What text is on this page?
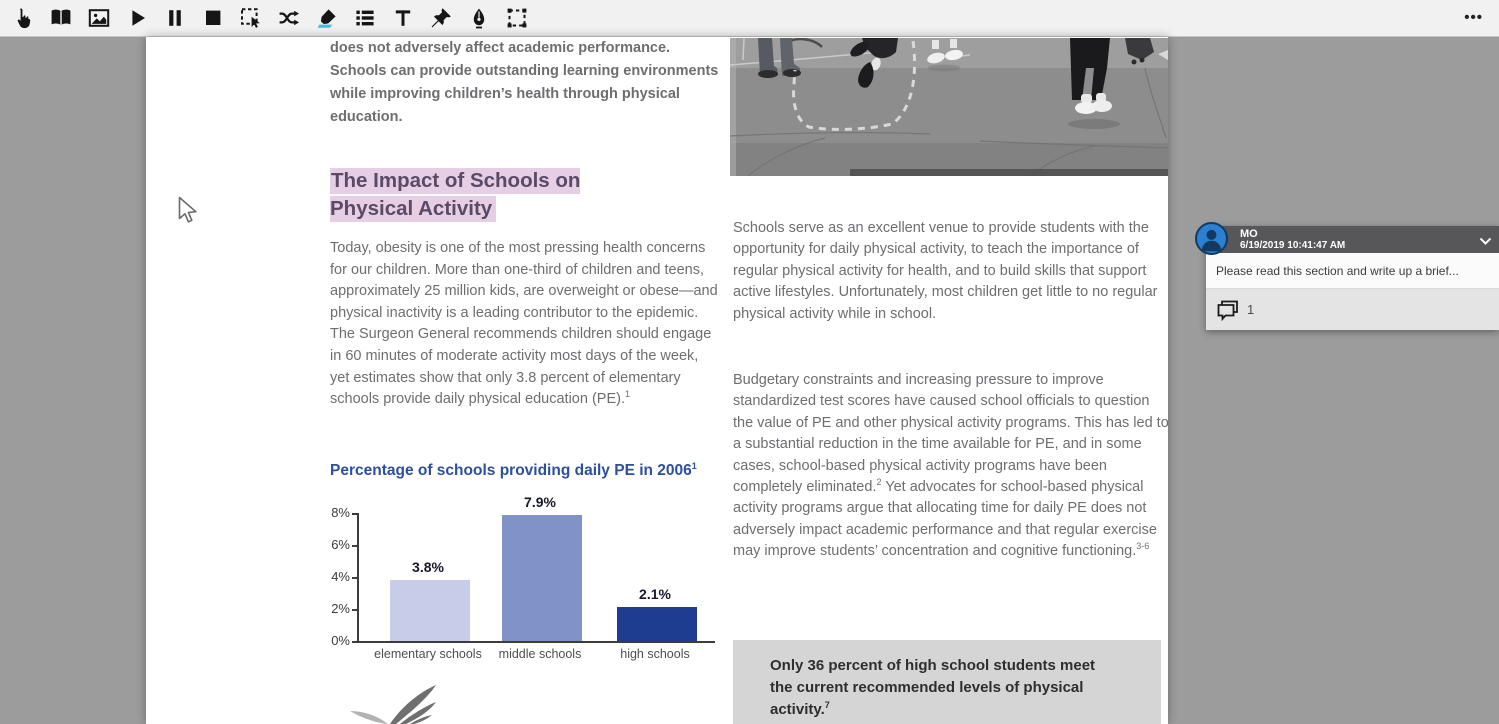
•••
does not adversely affect academic performance. Schools can provide outstanding learning environments while improving children’s health through physical education.
The Impact of Schools on Physical Activity
Today, obesity is one of the most pressing health concerns for our children. More than one-third of children and teens, approximately 25 million kids, are overweight or obese—and physical inactivity is a leading contributor to the epidemic. The Surgeon General recommends children should engage in 60 minutes of moderate activity most days of the week, yet estimates show that only 3.8 percent of elementary schools provide daily physical education (PE).$^1$
Percentage of schools providing daily PE in 2006$^1$
8%
6%
4%
2%
0%
3.8%
elementary schools
7.9%
middle schools
2.1%
high schools
Schools serve as an excellent venue to provide students with the opportunity for daily physical activity, to teach the importance of regular physical activity for health, and to build skills that support active lifestyles. Unfortunately, most children get little to no regular physical activity while in school.
Budgetary constraints and increasing pressure to improve standardized test scores have caused school officials to question the value of PE and other physical activity programs. This has led to a substantial reduction in the time available for PE, and in some cases, school-based physical activity programs have been completely eliminated.$^2$ Yet advocates for school-based physical activity programs argue that allocating time for daily PE does not adversely impact academic performance and that regular exercise may improve students’ concentration and cognitive functioning.$^{3-6}$
Only 36 percent of high school students meet the current recommended levels of physical activity.$^7$
MO
6/19/2019 10:41:47 AM
Please read this section and write up a brief...
1
